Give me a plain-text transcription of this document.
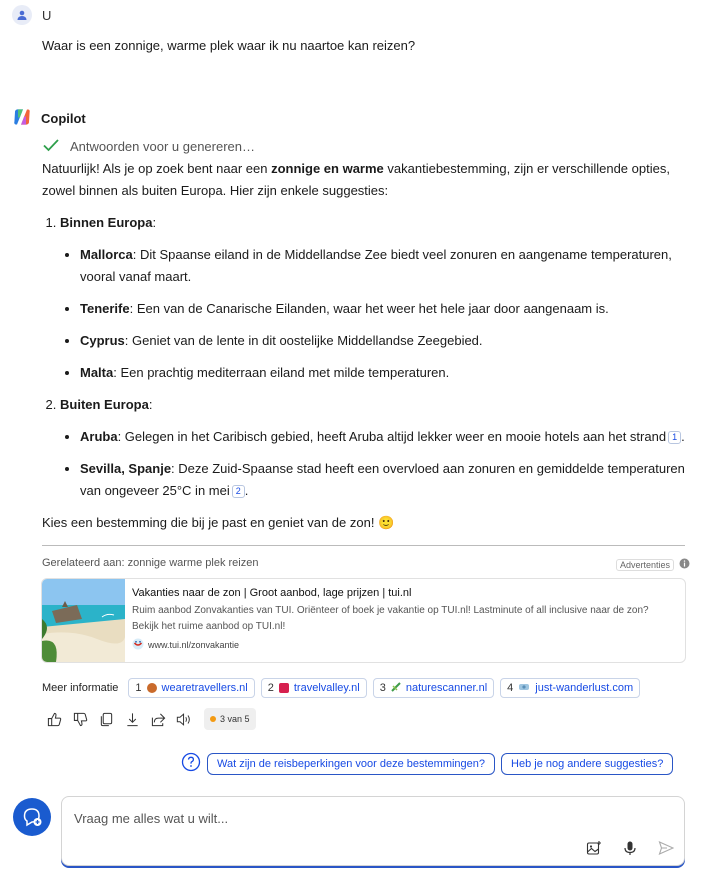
U
Waar is een zonnige, warme plek waar ik nu naartoe kan reizen?
Copilot
Antwoorden voor u genereren…

Natuurlijk! Als je op zoek bent naar een zonnige en warme vakantiebestemming, zijn er verschillende opties, zowel binnen als buiten Europa. Hier zijn enkele suggesties:

1. Binnen Europa:
• Mallorca: Dit Spaanse eiland in de Middellandse Zee biedt veel zonuren en aangename temperaturen, vooral vanaf maart.
• Tenerife: Een van de Canarische Eilanden, waar het weer het hele jaar door aangenaam is.
• Cyprus: Geniet van de lente in dit oostelijke Middellandse Zeegebied.
• Malta: Een prachtig mediterraan eiland met milde temperaturen.
2. Buiten Europa:
• Aruba: Gelegen in het Caribisch gebied, heeft Aruba altijd lekker weer en mooie hotels aan het strand 1 .
• Sevilla, Spanje: Deze Zuid-Spaanse stad heeft een overvloed aan zonuren en gemiddelde temperaturen van ongeveer 25°C in mei 2 .

Kies een bestemming die bij je past en geniet van de zon! 🙂

Gerelateerd aan: zonnige warme plek reizen	Advertenties
Vakanties naar de zon | Groot aanbod, lage prijzen | tui.nl
Ruim aanbod Zonvakanties van TUI. Oriënteer of boek je vakantie op TUI.nl! Lastminute of all inclusive naar de zon? Bekijk het ruime aanbod op TUI.nl!
www.tui.nl/zonvakantie
Meer informatie 1 wearetravellers.nl 2 travelvalley.nl 3 naturescanner.nl 4 just-wanderlust.com
3 van 5
Wat zijn de reisbeperkingen voor deze bestemmingen?	Heb je nog andere suggesties?
Vraag me alles wat u wilt...
